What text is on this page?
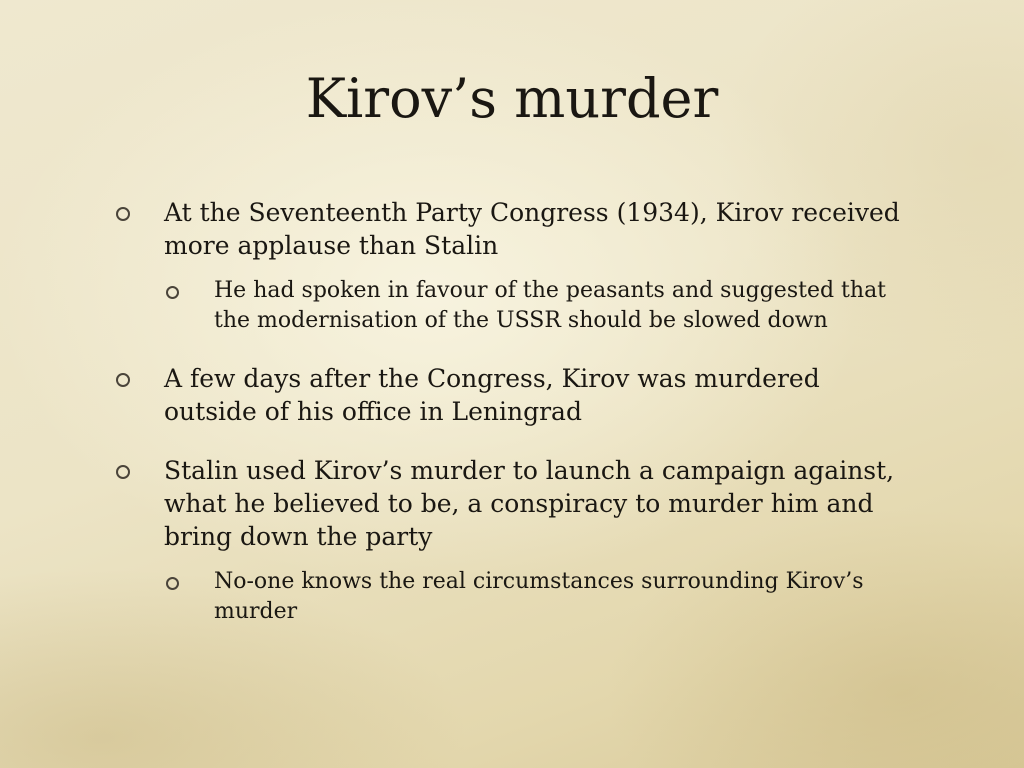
Kirov’s murder
At the Seventeenth Party Congress (1934), Kirov received more applause than Stalin
He had spoken in favour of the peasants and suggested that the modernisation of the USSR should be slowed down
A few days after the Congress, Kirov was murdered outside of his office in Leningrad
Stalin used Kirov’s murder to launch a campaign against, what he believed to be, a conspiracy to murder him and bring down the party
No-one knows the real circumstances surrounding Kirov’s murder
